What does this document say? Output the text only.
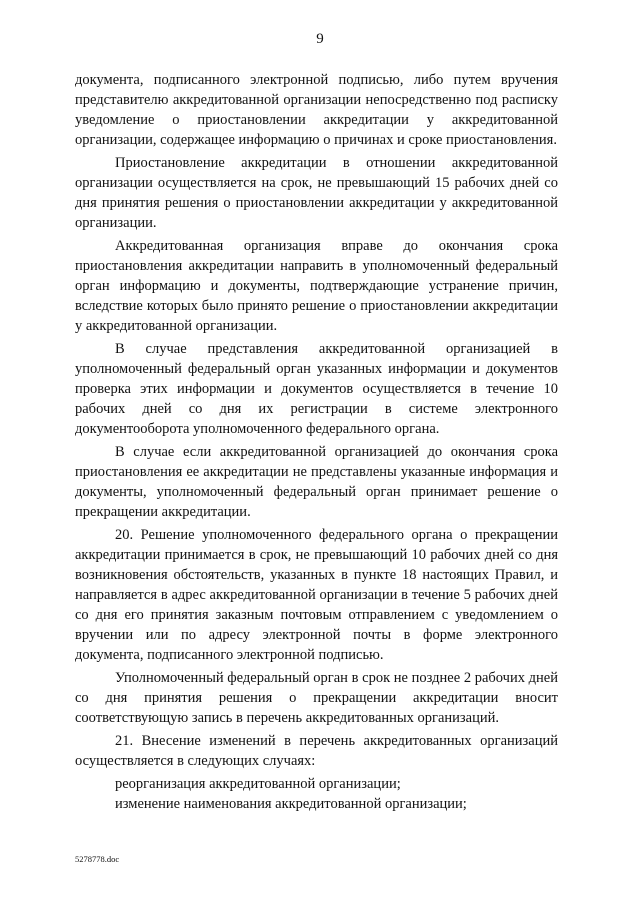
9

документа, подписанного электронной подписью, либо путем вручения представителю аккредитованной организации непосредственно под расписку уведомление о приостановлении аккредитации у аккредитованной организации, содержащее информацию о причинах и сроке приостановления.

Приостановление аккредитации в отношении аккредитованной организации осуществляется на срок, не превышающий 15 рабочих дней со дня принятия решения о приостановлении аккредитации у аккредитованной организации.

Аккредитованная организация вправе до окончания срока приостановления аккредитации направить в уполномоченный федеральный орган информацию и документы, подтверждающие устранение причин, вследствие которых было принято решение о приостановлении аккредитации у аккредитованной организации.

В случае представления аккредитованной организацией в уполномоченный федеральный орган указанных информации и документов проверка этих информации и документов осуществляется в течение 10 рабочих дней со дня их регистрации в системе электронного документооборота уполномоченного федерального органа.

В случае если аккредитованной организацией до окончания срока приостановления ее аккредитации не представлены указанные информация и документы, уполномоченный федеральный орган принимает решение о прекращении аккредитации.

20. Решение уполномоченного федерального органа о прекращении аккредитации принимается в срок, не превышающий 10 рабочих дней со дня возникновения обстоятельств, указанных в пункте 18 настоящих Правил, и направляется в адрес аккредитованной организации в течение 5 рабочих дней со дня его принятия заказным почтовым отправлением с уведомлением о вручении или по адресу электронной почты в форме электронного документа, подписанного электронной подписью.

Уполномоченный федеральный орган в срок не позднее 2 рабочих дней со дня принятия решения о прекращении аккредитации вносит соответствующую запись в перечень аккредитованных организаций.

21. Внесение изменений в перечень аккредитованных организаций осуществляется в следующих случаях:

реорганизация аккредитованной организации;

изменение наименования аккредитованной организации;

5278778.doc
